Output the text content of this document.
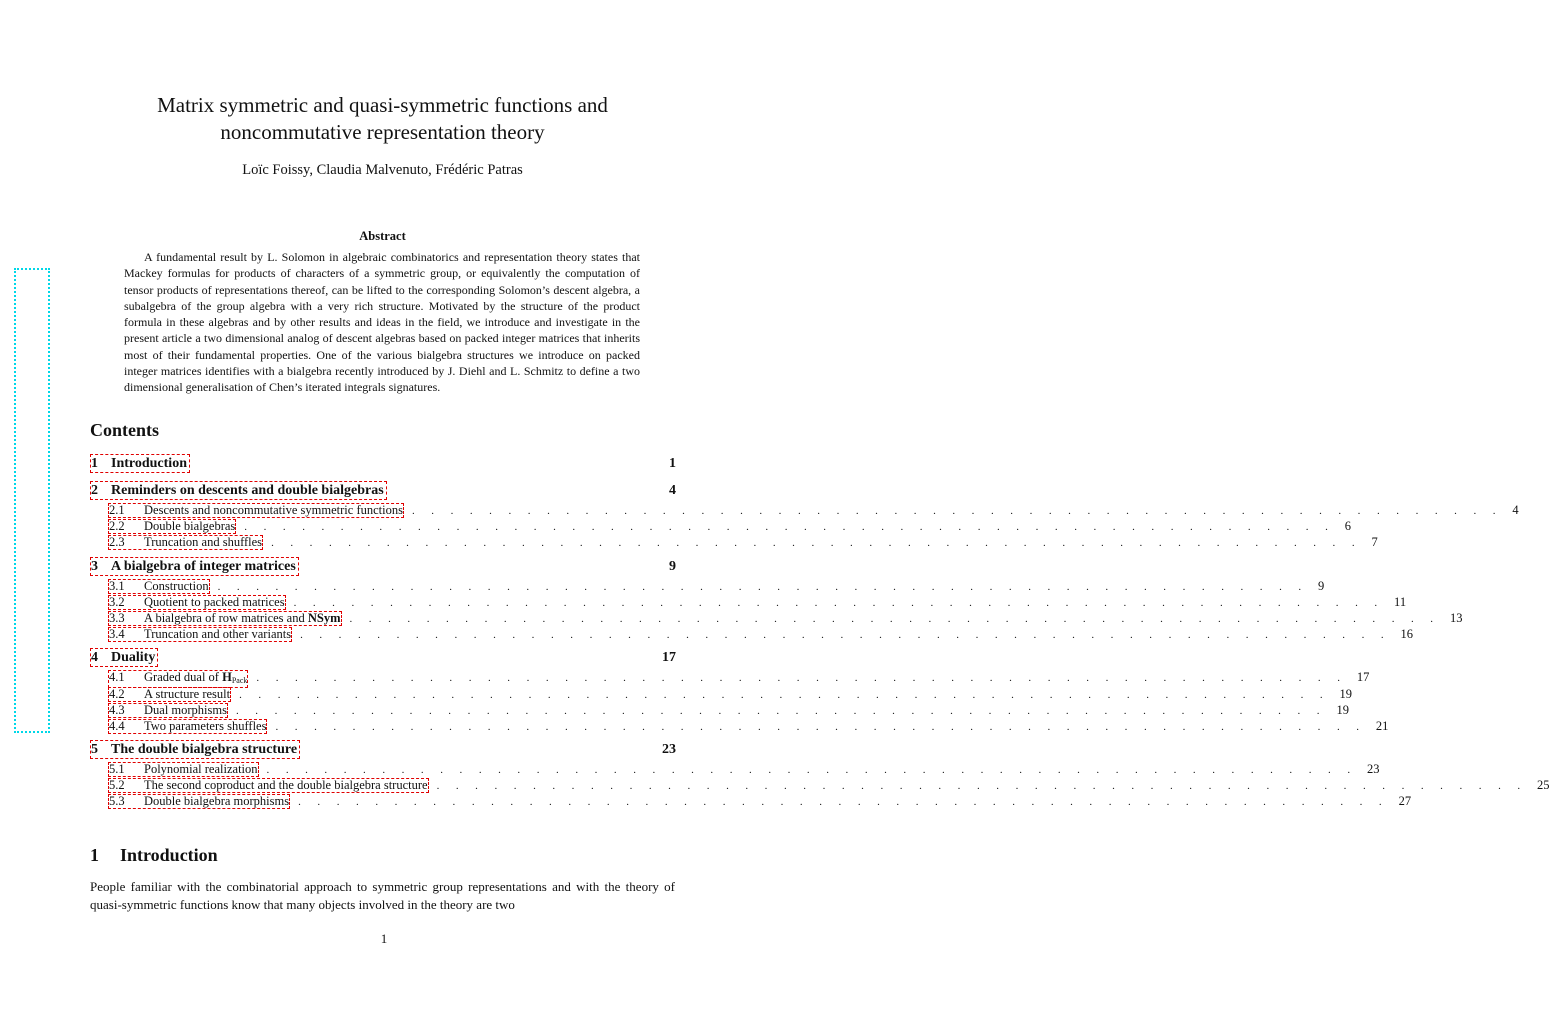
Matrix symmetric and quasi-symmetric functions and noncommutative representation theory
Loïc Foissy, Claudia Malvenuto, Frédéric Patras
Abstract

A fundamental result by L. Solomon in algebraic combinatorics and representation theory states that Mackey formulas for products of characters of a symmetric group, or equivalently the computation of tensor products of representations thereof, can be lifted to the corresponding Solomon’s descent algebra, a subalgebra of the group algebra with a very rich structure. Motivated by the structure of the product formula in these algebras and by other results and ideas in the field, we introduce and investigate in the present article a two dimensional analog of descent algebras based on packed integer matrices that inherits most of their fundamental properties. One of the various bialgebra structures we introduce on packed integer matrices identifies with a bialgebra recently introduced by J. Diehl and L. Schmitz to define a two dimensional generalisation of Chen’s iterated integrals signatures.

Contents
1 Introduction	1
2 Reminders on descents and double bialgebras	4
2.1 Descents and noncommutative symmetric functions . . . . . . . . . . . . . . . . . . . . . . . . . . . . . . . . . . . . . . . . . . . . . . . . . . . . . . . . . 4
2.2 Double bialgebras . . . . . . . . . . . . . . . . . . . . . . . . . . . . . . . . . . . . . . . . . . . . . . . . . . . . . . . . . 6
2.3 Truncation and shuffles . . . . . . . . . . . . . . . . . . . . . . . . . . . . . . . . . . . . . . . . . . . . . . . . . . . . . . . . . 7
3 A bialgebra of integer matrices	9
3.1 Construction . . . . . . . . . . . . . . . . . . . . . . . . . . . . . . . . . . . . . . . . . . . . . . . . . . . . . . . . . 9
3.2 Quotient to packed matrices . . . . . . . . . . . . . . . . . . . . . . . . . . . . . . . . . . . . . . . . . . . . . . . . . . . . . . . . . 11
3.3 A bialgebra of row matrices and NSym . . . . . . . . . . . . . . . . . . . . . . . . . . . . . . . . . . . . . . . . . . . . . . . . . . . . . . . . . 13
3.4 Truncation and other variants . . . . . . . . . . . . . . . . . . . . . . . . . . . . . . . . . . . . . . . . . . . . . . . . . . . . . . . . . 16
4 Duality	17
4.1 Graded dual of $H_{Pack}$ . . . . . . . . . . . . . . . . . . . . . . . . . . . . . . . . . . . . . . . . . . . . . . . . . . . . . . . . . 17
4.2 A structure result . . . . . . . . . . . . . . . . . . . . . . . . . . . . . . . . . . . . . . . . . . . . . . . . . . . . . . . . . 19
4.3 Dual morphisms . . . . . . . . . . . . . . . . . . . . . . . . . . . . . . . . . . . . . . . . . . . . . . . . . . . . . . . . . 19
4.4 Two parameters shuffles . . . . . . . . . . . . . . . . . . . . . . . . . . . . . . . . . . . . . . . . . . . . . . . . . . . . . . . . . 21
5 The double bialgebra structure	23
5.1 Polynomial realization . . . . . . . . . . . . . . . . . . . . . . . . . . . . . . . . . . . . . . . . . . . . . . . . . . . . . . . . . 23
5.2 The second coproduct and the double bialgebra structure . . . . . . . . . . . . . . . . . . . . . . . . . . . . . . . . . . . . . . . . . . . . . . . . . . . . . . . . . 25
5.3 Double bialgebra morphisms . . . . . . . . . . . . . . . . . . . . . . . . . . . . . . . . . . . . . . . . . . . . . . . . . . . . . . . . . 27
1 Introduction

People familiar with the combinatorial approach to symmetric group representations and with the theory of quasi-symmetric functions know that many objects involved in the theory are two

1
